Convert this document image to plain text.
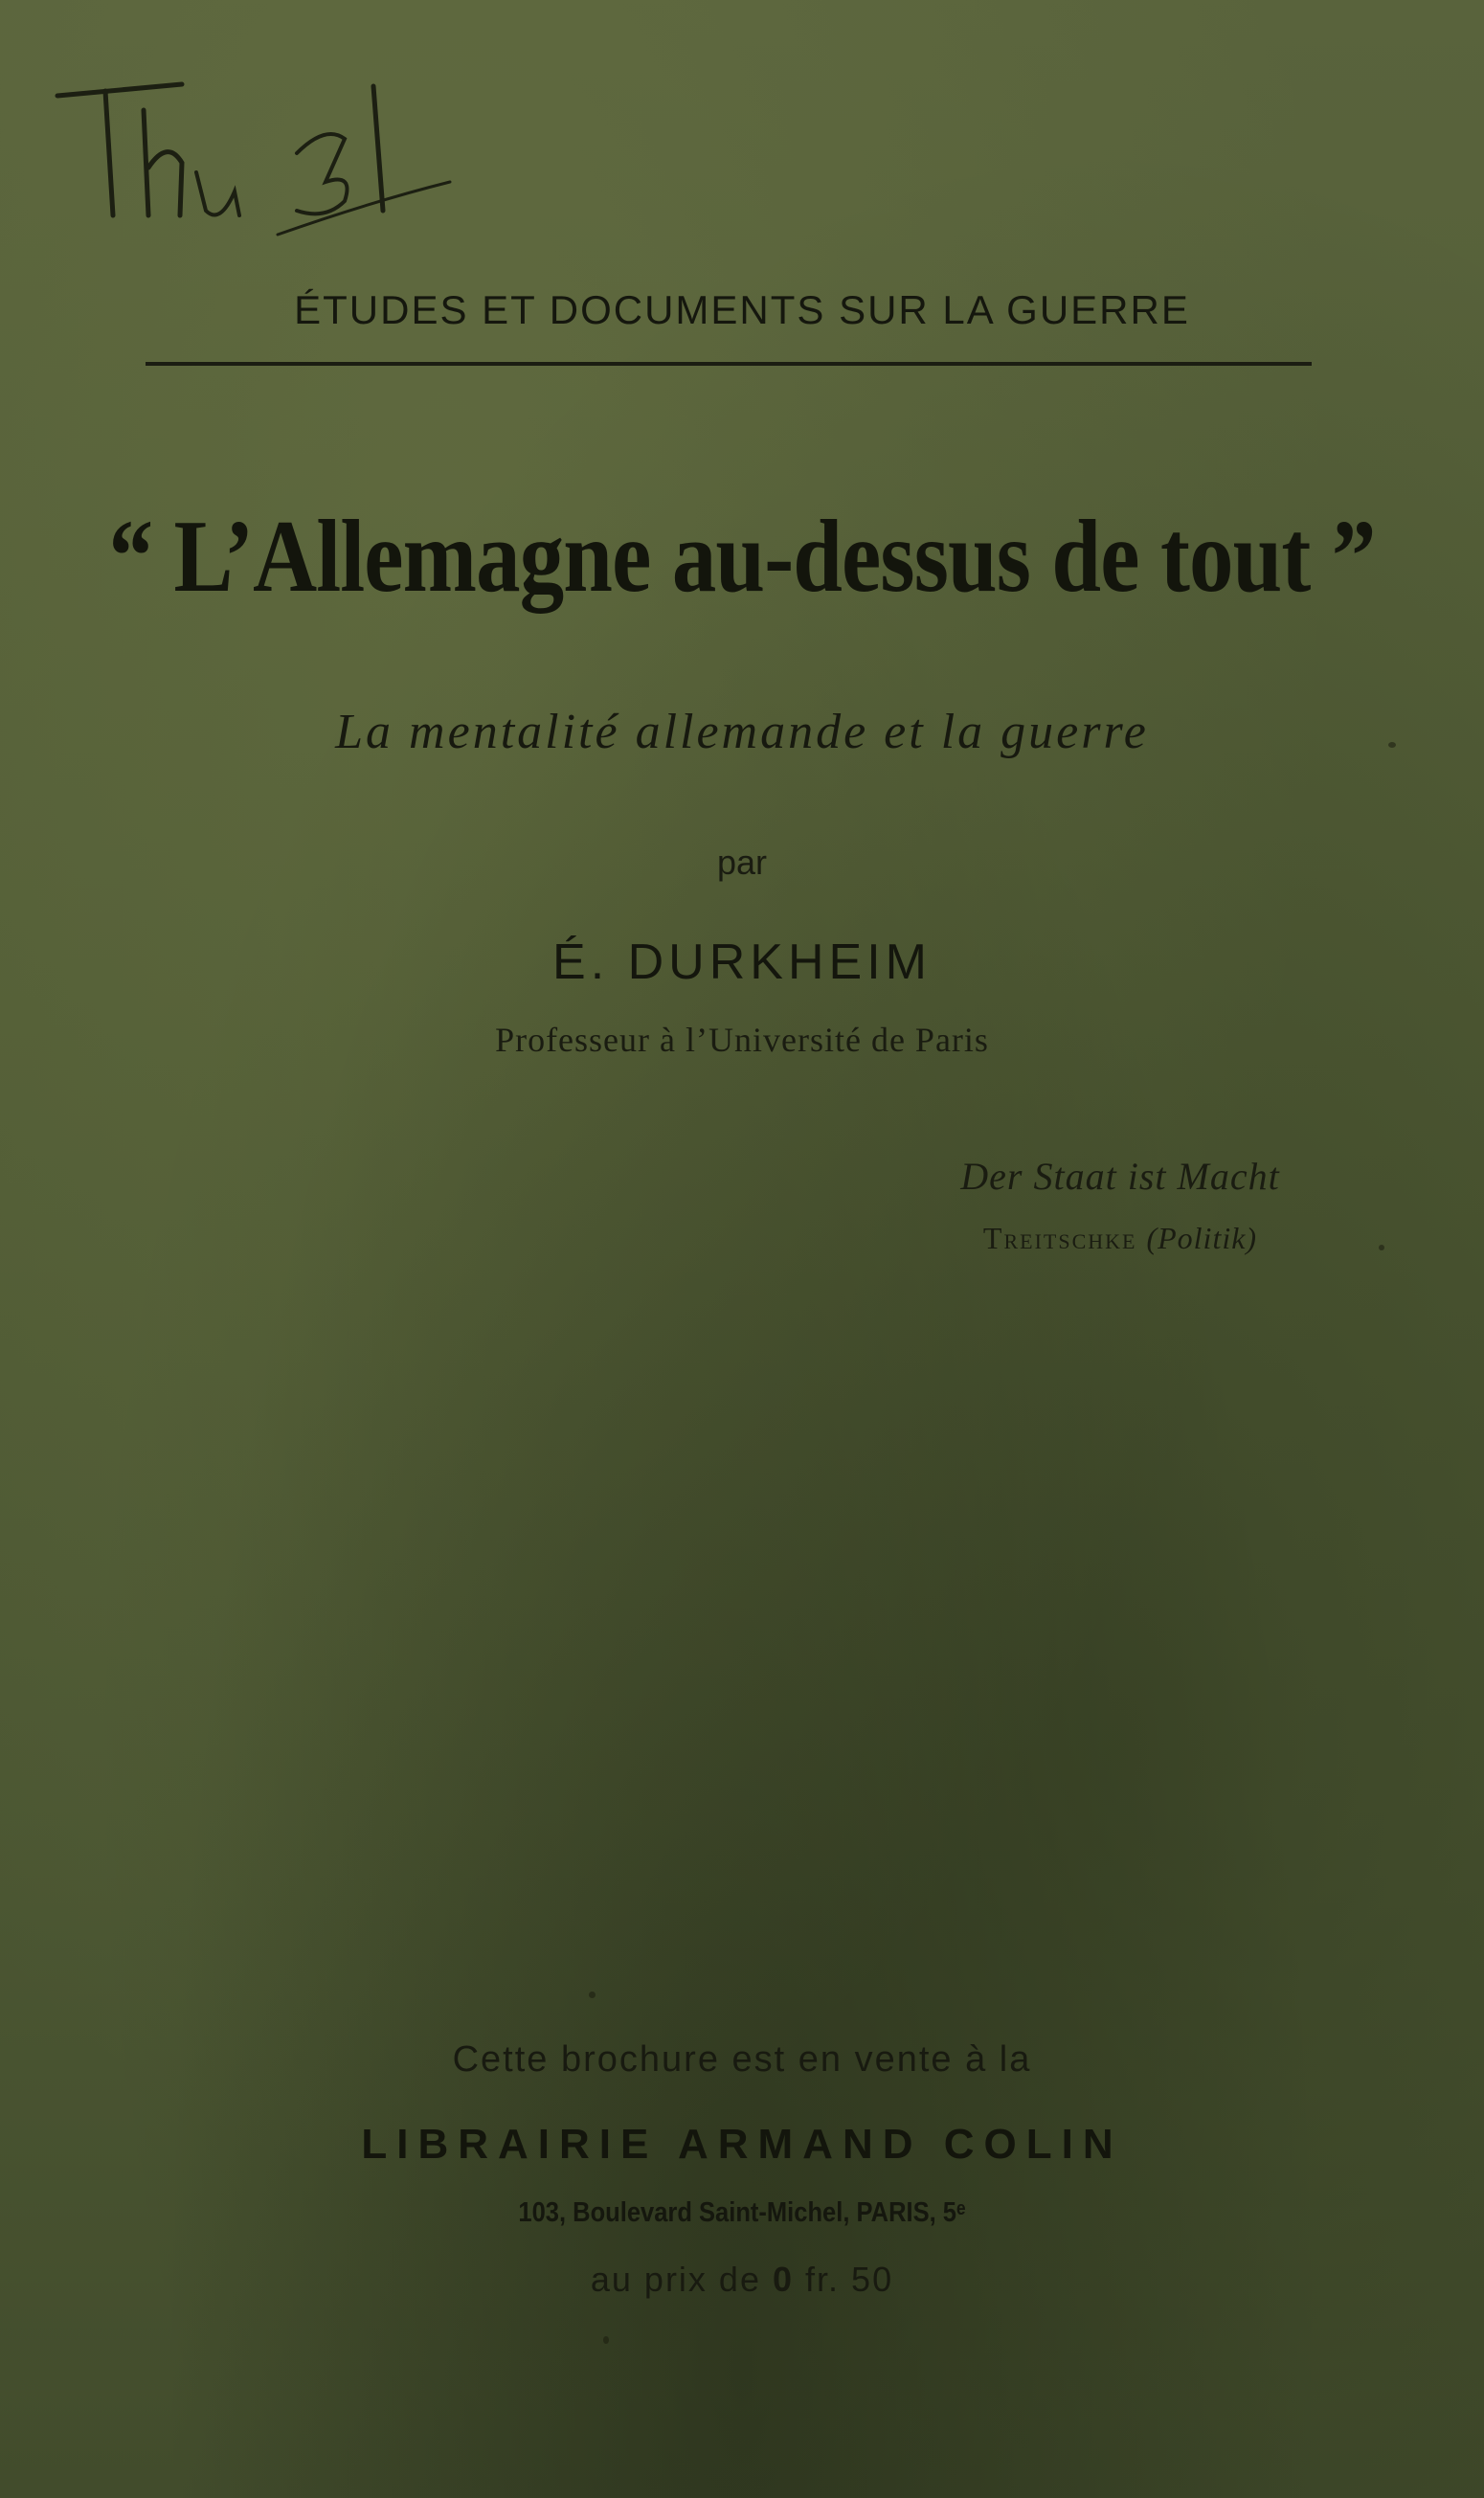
ÉTUDES ET DOCUMENTS SUR LA GUERRE
“ L’Allemagne au-dessus de tout ”
La mentalité allemande et la guerre
par
É. DURKHEIM
Professeur à l’Université de Paris
Der Staat ist Macht
Treitschke (Politik)
Cette brochure est en vente à la
LIBRAIRIE ARMAND COLIN
103, Boulevard Saint-Michel, PARIS, 5ᵉ
au prix de 0 fr. 50
